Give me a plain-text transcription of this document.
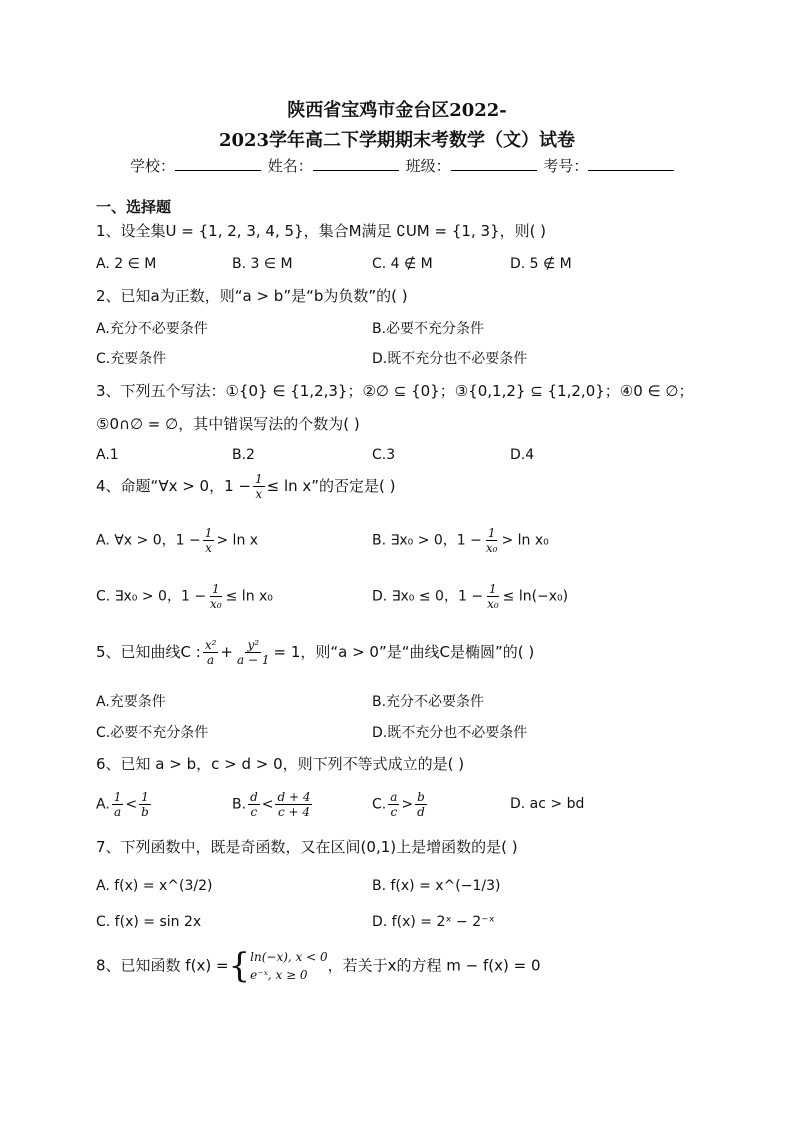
陕西省宝鸡市金台区2022-
2023学年高二下学期期末考数学（文）试卷
学校：	姓名：	班级：	考号：
一、选择题
1、设全集U = {1, 2, 3, 4, 5}，集合M满足 ∁UM = {1, 3}，则( )
A. 2 ∈ M	B. 3 ∈ M	C. 4 ∉ M	D. 5 ∉ M
2、已知a为正数，则“a > b”是“b为负数”的( )
A.充分不必要条件	B.必要不充分条件
C.充要条件	D.既不充分也不必要条件
3、下列五个写法：①{0} ∈ {1,2,3}；②∅ ⊆ {0}；③{0,1,2} ⊆ {1,2,0}；④0 ∈ ∅；
⑤0∩∅ = ∅，其中错误写法的个数为( )
A.1	B.2	C.3	D.4
4、命题“∀x > 0，$1 - \frac{1}{x} \le \ln x$”的否定是( )
A. ∀x > 0，$1 - \frac{1}{x} > \ln x$	B. ∃x₀ > 0，$1 - \frac{1}{\text{x₀}} > \ln x_0$
C. ∃x₀ > 0，$1 - \frac{1}{\text{x₀}} \le \ln x_0$	D. ∃x₀ ≤ 0，$1 - \frac{1}{\text{x₀}} \le \ln(-x_0)$
5、已知曲线C : $\frac{\text{x²}}{a} + \frac{\text{y²}}{a - 1} = 1$，则“a > 0”是“曲线C是椭圆”的( )
A.充要条件	B.充分不必要条件
C.必要不充分条件	D.既不充分也不必要条件
6、已知 a > b，c > d > 0，则下列不等式成立的是( )
A. $\frac{1}{a} < \frac{1}{b}$	B. $\frac{d}{c} < \frac{d + 4}{c + 4}$	C. $\frac{a}{c} > \frac{b}{d}$	D. ac > bd
7、下列函数中，既是奇函数，又在区间(0,1)上是增函数的是( )
A. f(x) = x^(3/2)	B. f(x) = x^(−1/3)
C. f(x) = sin 2x	D. f(x) = 2ˣ − 2⁻ˣ
8、已知函数 f(x) ={ ln(−x), x < 0
e⁻ˣ, x ≥ 0
，若关于x的方程 m − f(x) = 0
